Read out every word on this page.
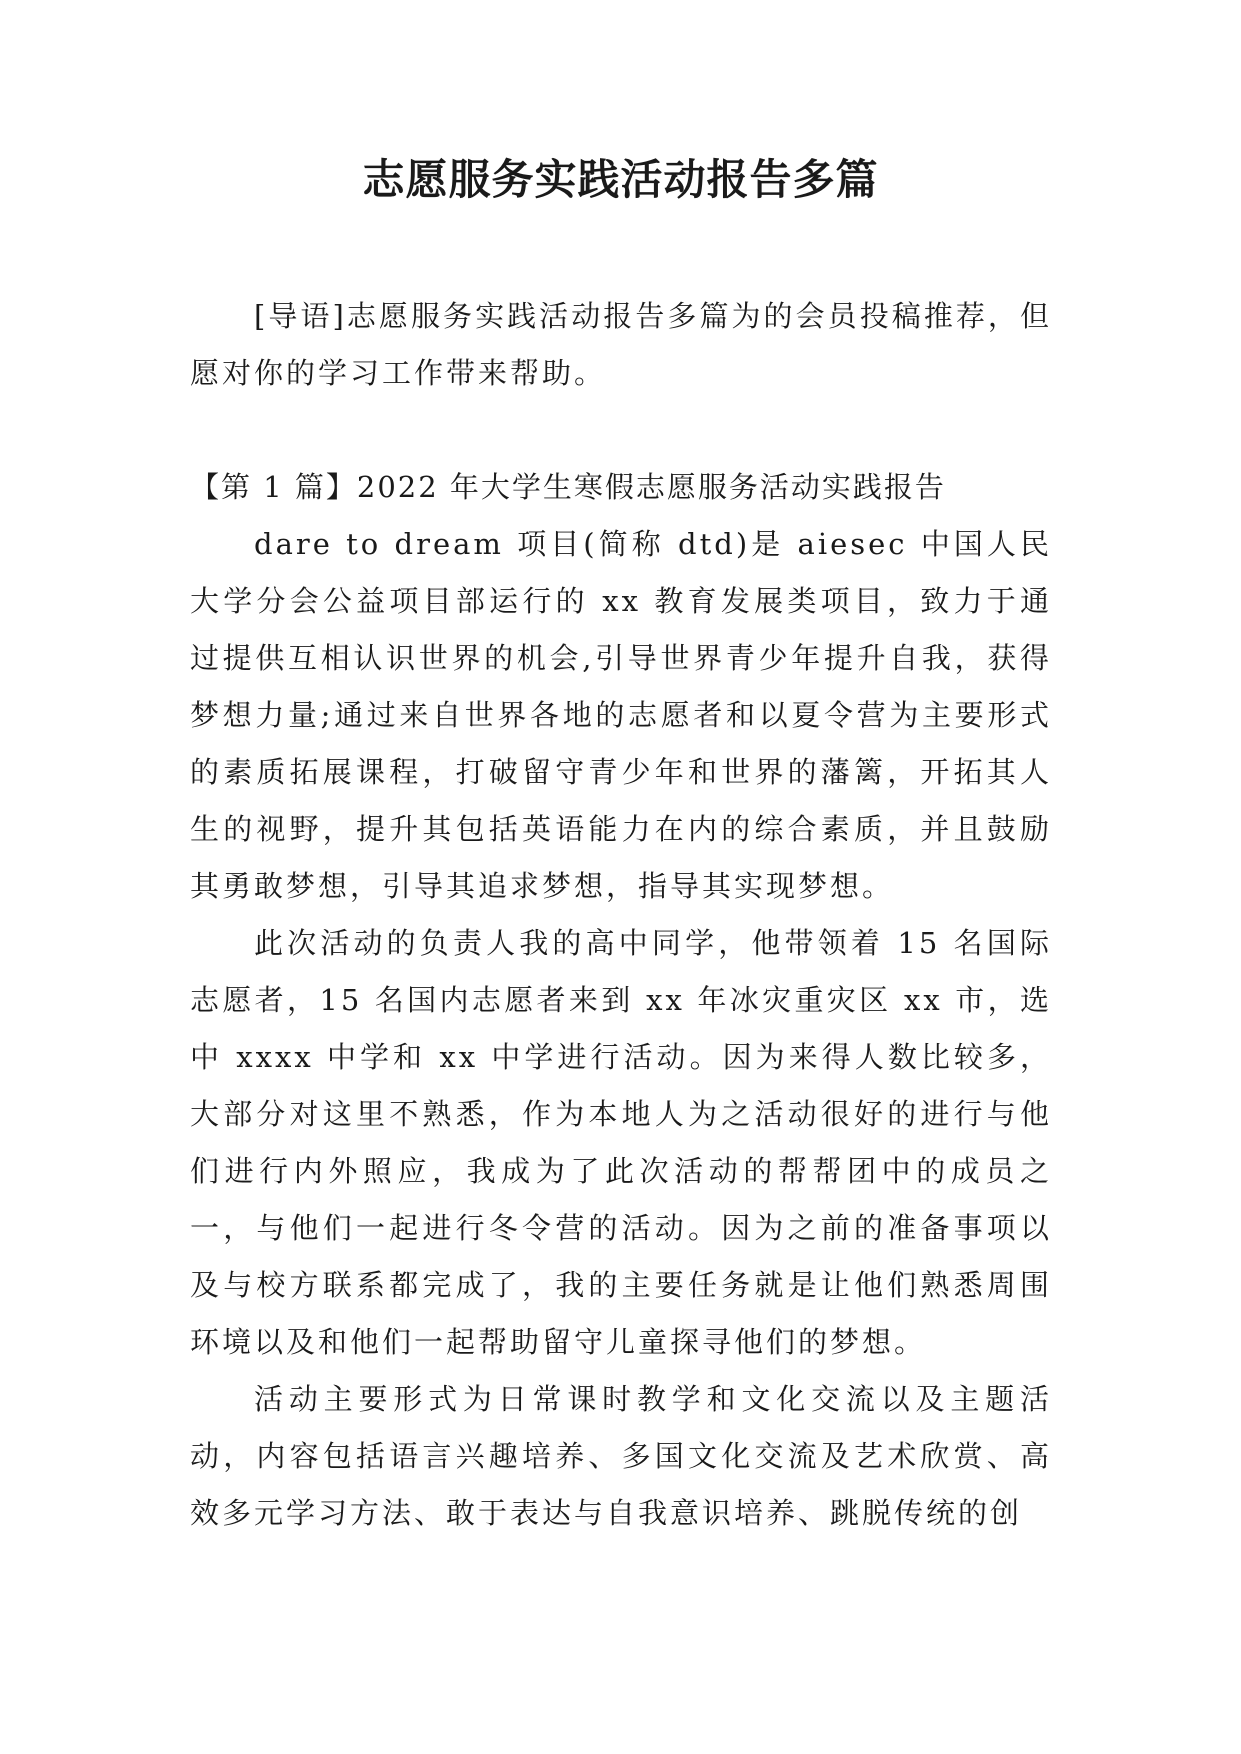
志愿服务实践活动报告多篇

[导语]志愿服务实践活动报告多篇为的会员投稿推荐，但愿对你的学习工作带来帮助。

【第 1 篇】2022 年大学生寒假志愿服务活动实践报告

dare to dream 项目(简称 dtd)是 aiesec 中国人民大学分会公益项目部运行的 xx 教育发展类项目，致力于通过提供互相认识世界的机会,引导世界青少年提升自我，获得梦想力量;通过来自世界各地的志愿者和以夏令营为主要形式的素质拓展课程，打破留守青少年和世界的藩篱，开拓其人生的视野，提升其包括英语能力在内的综合素质，并且鼓励其勇敢梦想，引导其追求梦想，指导其实现梦想。

此次活动的负责人我的高中同学，他带领着 15 名国际志愿者，15 名国内志愿者来到 xx 年冰灾重灾区 xx 市，选中 xxxx 中学和 xx 中学进行活动。因为来得人数比较多，大部分对这里不熟悉，作为本地人为之活动很好的进行与他们进行内外照应，我成为了此次活动的帮帮团中的成员之一，与他们一起进行冬令营的活动。因为之前的准备事项以及与校方联系都完成了，我的主要任务就是让他们熟悉周围环境以及和他们一起帮助留守儿童探寻他们的梦想。

活动主要形式为日常课时教学和文化交流以及主题活动，内容包括语言兴趣培养、多国文化交流及艺术欣赏、高效多元学习方法、敢于表达与自我意识培养、跳脱传统的创
